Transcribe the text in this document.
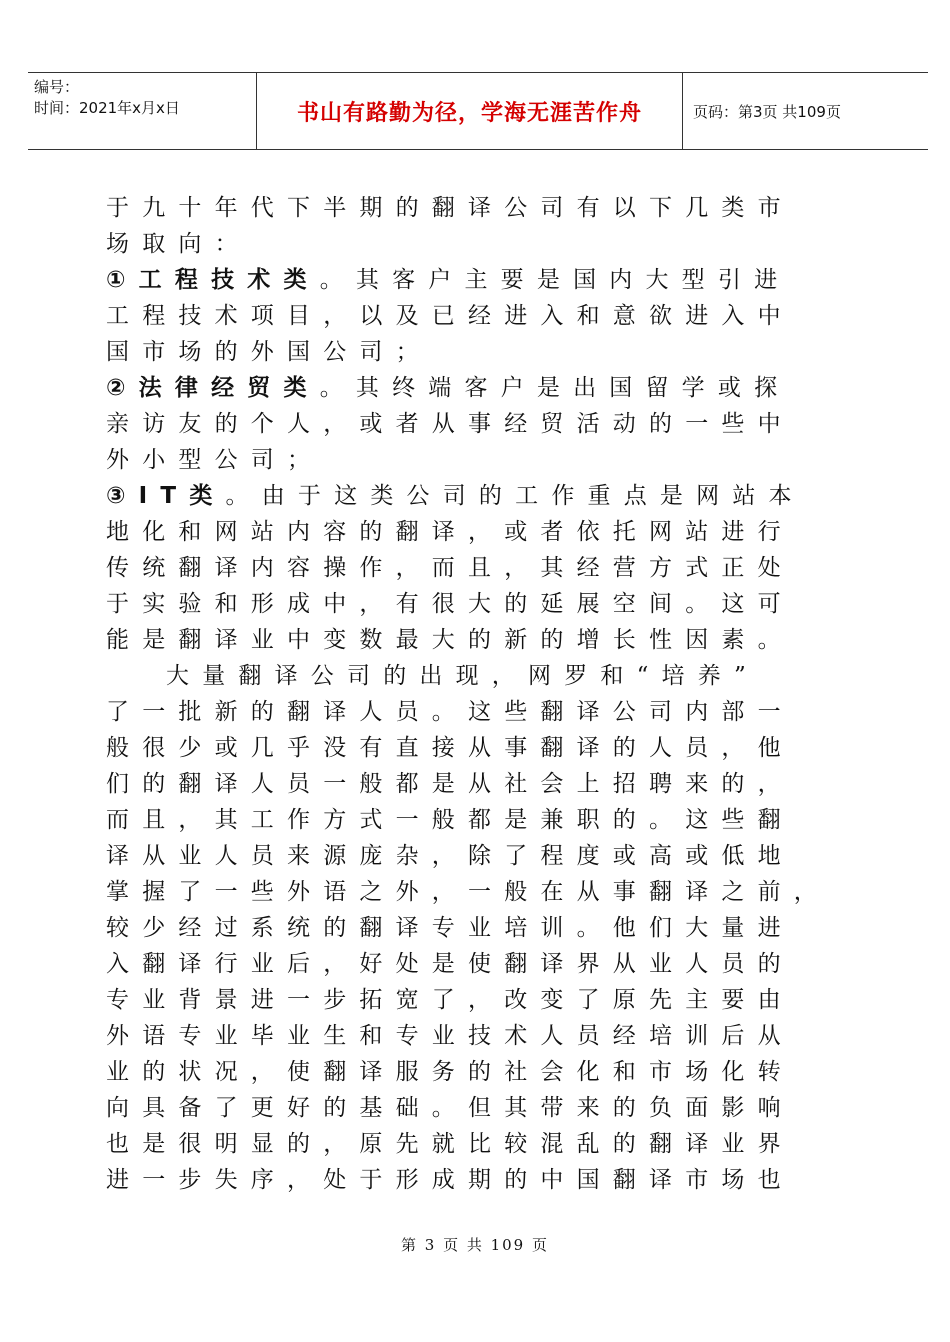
编号：
时间：2021年x月x日	书山有路勤为径，学海无涯苦作舟	页码：第3页 共109页
于九十年代下半期的翻译公司有以下几类市
场取向：
①工程技术类。其客户主要是国内大型引进
工程技术项目，以及已经进入和意欲进入中
国市场的外国公司；
②法律经贸类。其终端客户是出国留学或探
亲访友的个人，或者从事经贸活动的一些中
外小型公司；
③IT类。由于这类公司的工作重点是网站本
地化和网站内容的翻译，或者依托网站进行
传统翻译内容操作，而且，其经营方式正处
于实验和形成中，有很大的延展空间。这可
能是翻译业中变数最大的新的增长性因素。
大量翻译公司的出现，网罗和“培养”
了一批新的翻译人员。这些翻译公司内部一
般很少或几乎没有直接从事翻译的人员，他
们的翻译人员一般都是从社会上招聘来的，
而且，其工作方式一般都是兼职的。这些翻
译从业人员来源庞杂，除了程度或高或低地
掌握了一些外语之外，一般在从事翻译之前，
较少经过系统的翻译专业培训。他们大量进
入翻译行业后，好处是使翻译界从业人员的
专业背景进一步拓宽了，改变了原先主要由
外语专业毕业生和专业技术人员经培训后从
业的状况，使翻译服务的社会化和市场化转
向具备了更好的基础。但其带来的负面影响
也是很明显的，原先就比较混乱的翻译业界
进一步失序，处于形成期的中国翻译市场也
第 3 页 共 109 页
